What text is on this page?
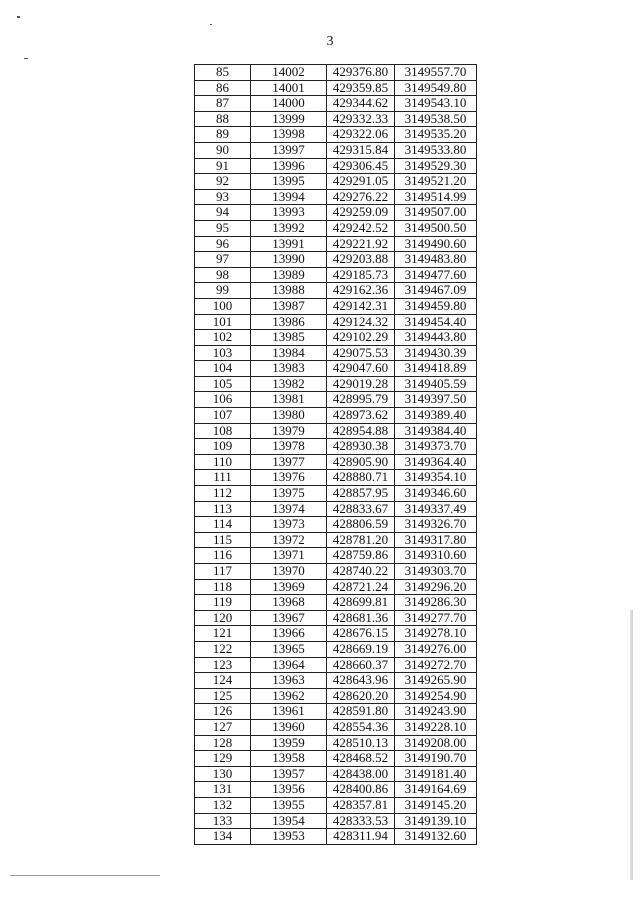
3
85	14002	429376.80	3149557.70
86	14001	429359.85	3149549.80
87	14000	429344.62	3149543.10
88	13999	429332.33	3149538.50
89	13998	429322.06	3149535.20
90	13997	429315.84	3149533.80
91	13996	429306.45	3149529.30
92	13995	429291.05	3149521.20
93	13994	429276.22	3149514.99
94	13993	429259.09	3149507.00
95	13992	429242.52	3149500.50
96	13991	429221.92	3149490.60
97	13990	429203.88	3149483.80
98	13989	429185.73	3149477.60
99	13988	429162.36	3149467.09
100	13987	429142.31	3149459.80
101	13986	429124.32	3149454.40
102	13985	429102.29	3149443.80
103	13984	429075.53	3149430.39
104	13983	429047.60	3149418.89
105	13982	429019.28	3149405.59
106	13981	428995.79	3149397.50
107	13980	428973.62	3149389.40
108	13979	428954.88	3149384.40
109	13978	428930.38	3149373.70
110	13977	428905.90	3149364.40
111	13976	428880.71	3149354.10
112	13975	428857.95	3149346.60
113	13974	428833.67	3149337.49
114	13973	428806.59	3149326.70
115	13972	428781.20	3149317.80
116	13971	428759.86	3149310.60
117	13970	428740.22	3149303.70
118	13969	428721.24	3149296.20
119	13968	428699.81	3149286.30
120	13967	428681.36	3149277.70
121	13966	428676.15	3149278.10
122	13965	428669.19	3149276.00
123	13964	428660.37	3149272.70
124	13963	428643.96	3149265.90
125	13962	428620.20	3149254.90
126	13961	428591.80	3149243.90
127	13960	428554.36	3149228.10
128	13959	428510.13	3149208.00
129	13958	428468.52	3149190.70
130	13957	428438.00	3149181.40
131	13956	428400.86	3149164.69
132	13955	428357.81	3149145.20
133	13954	428333.53	3149139.10
134	13953	428311.94	3149132.60
